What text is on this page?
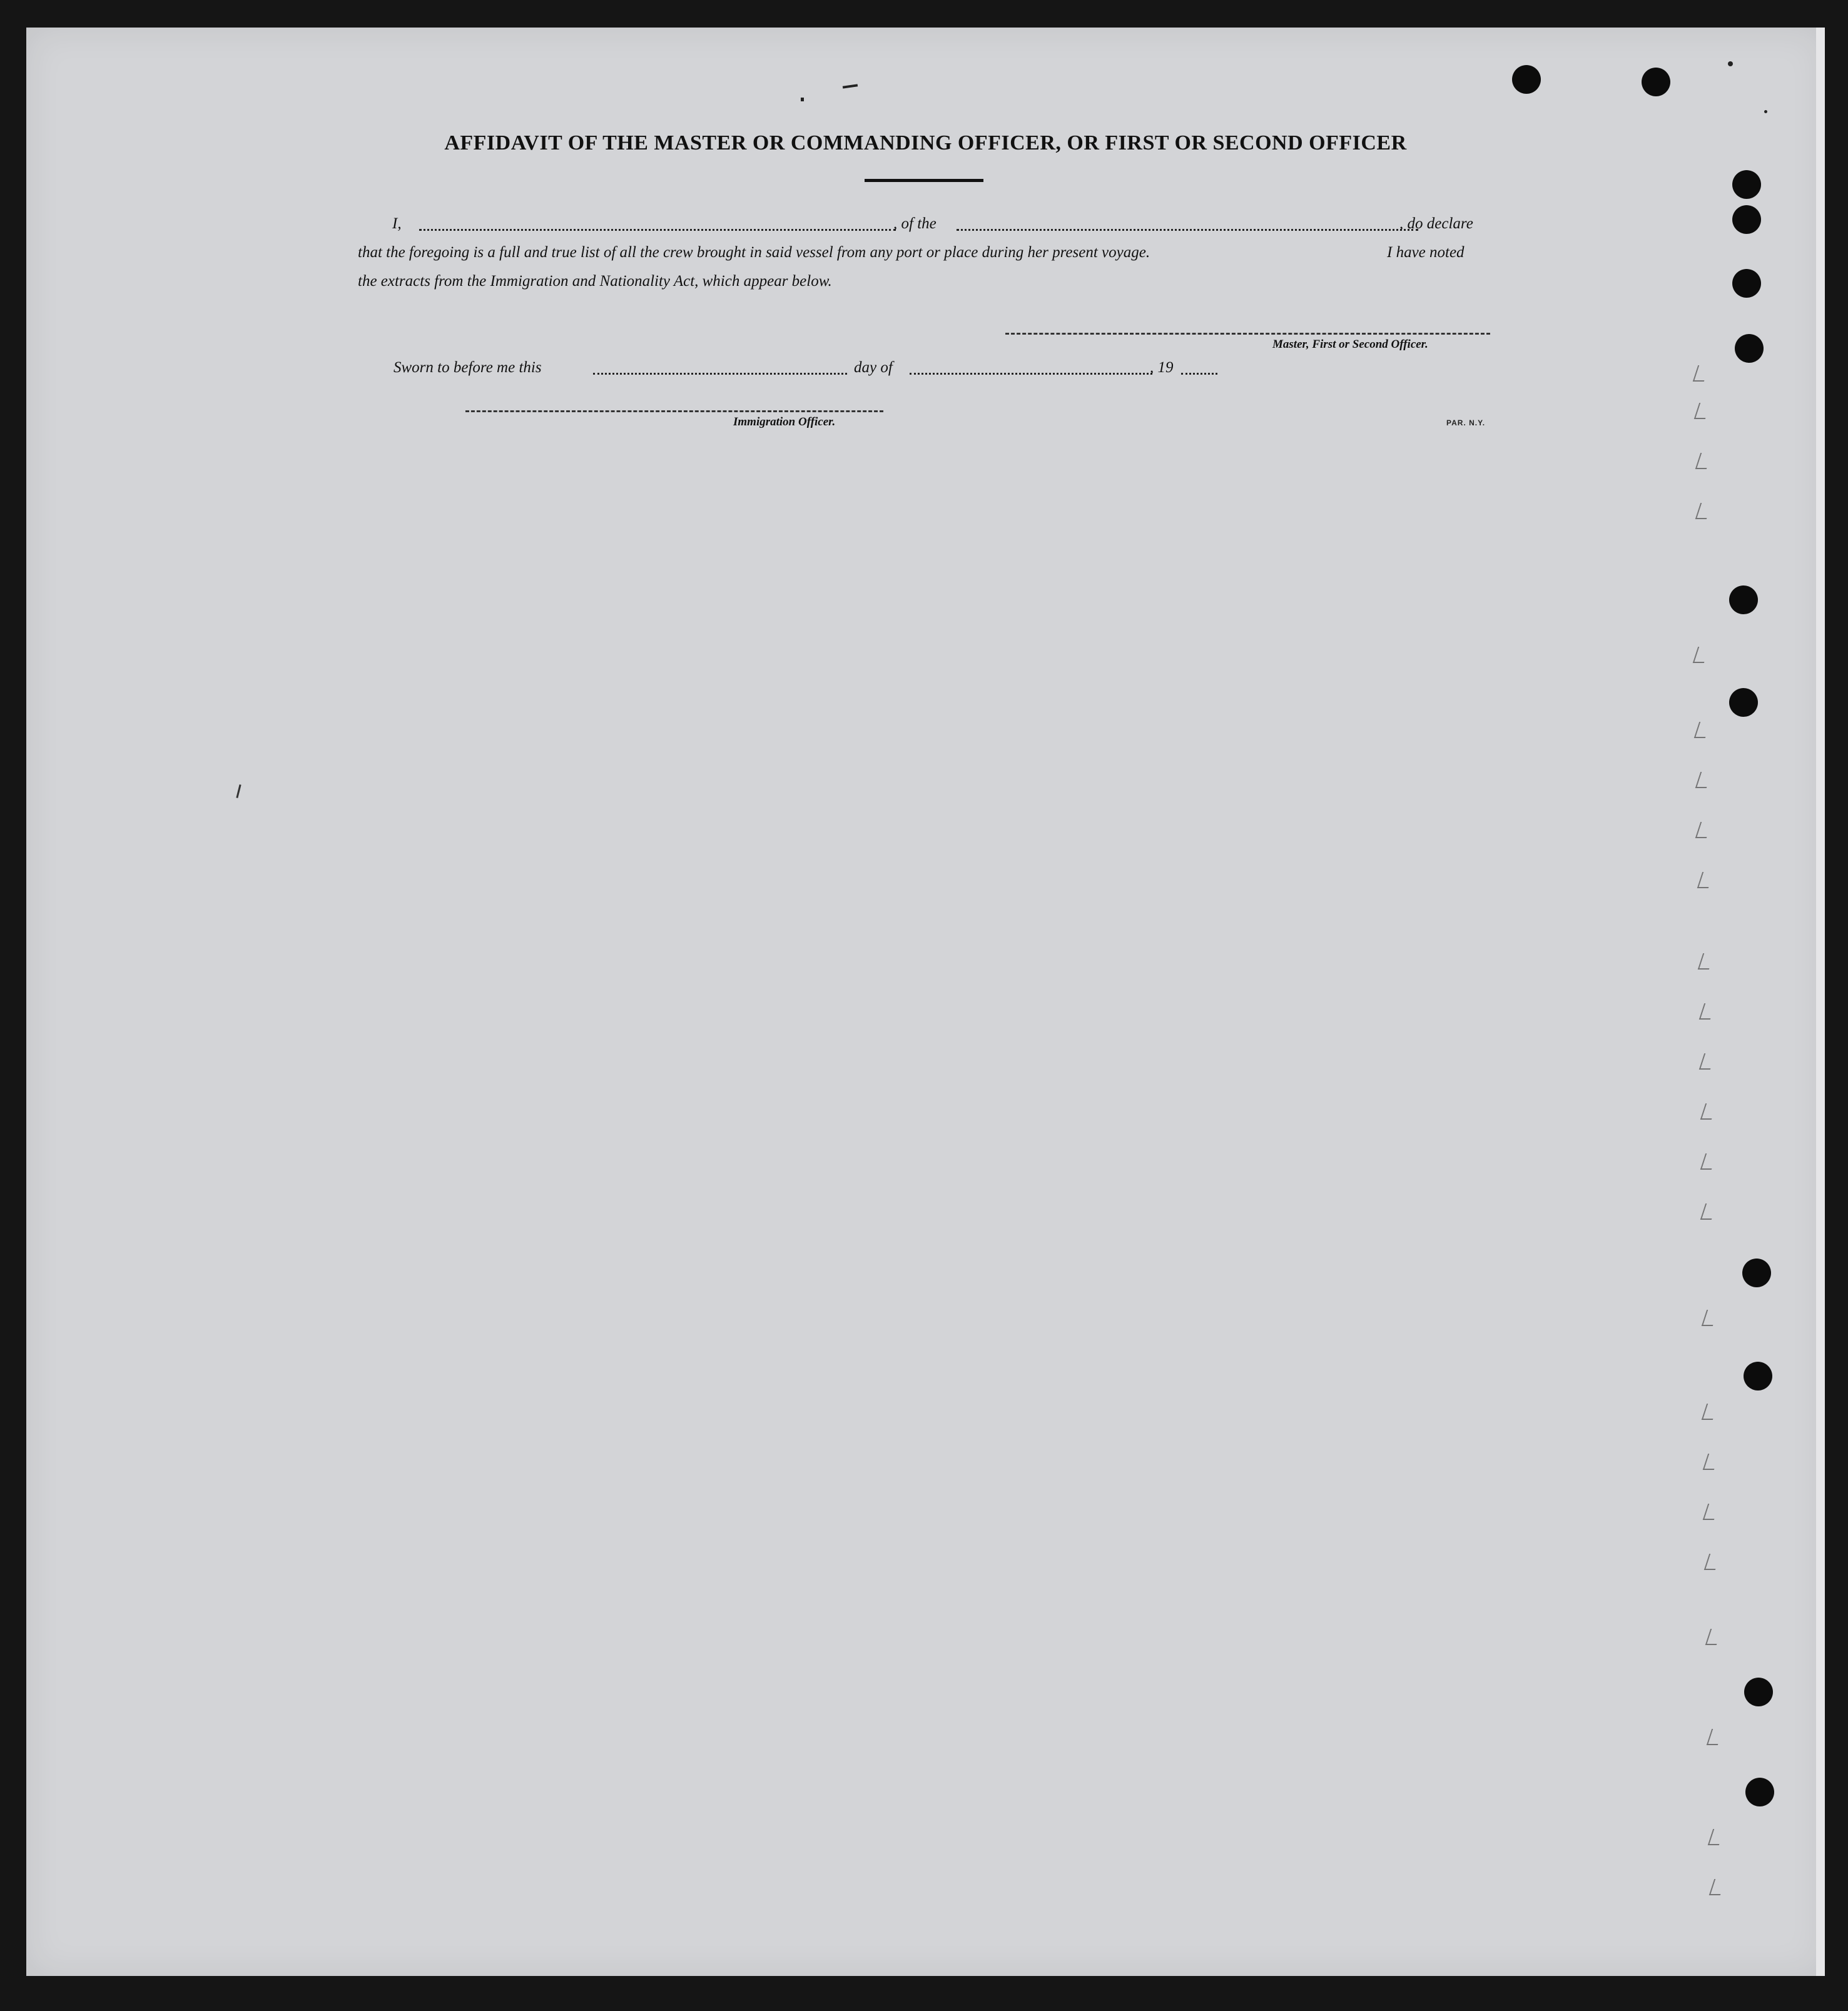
AFFIDAVIT OF THE MASTER OR COMMANDING OFFICER, OR FIRST OR SECOND OFFICER
I,	, of the	, do declare
that the foregoing is a full and true list of all the crew brought in said vessel from any port or place during her present voyage.	I have noted
the extracts from the Immigration and Nationality Act, which appear below.
Master, First or Second Officer.
Sworn to before me this	day of	, 19
Immigration Officer.	PAR. N.Y.
